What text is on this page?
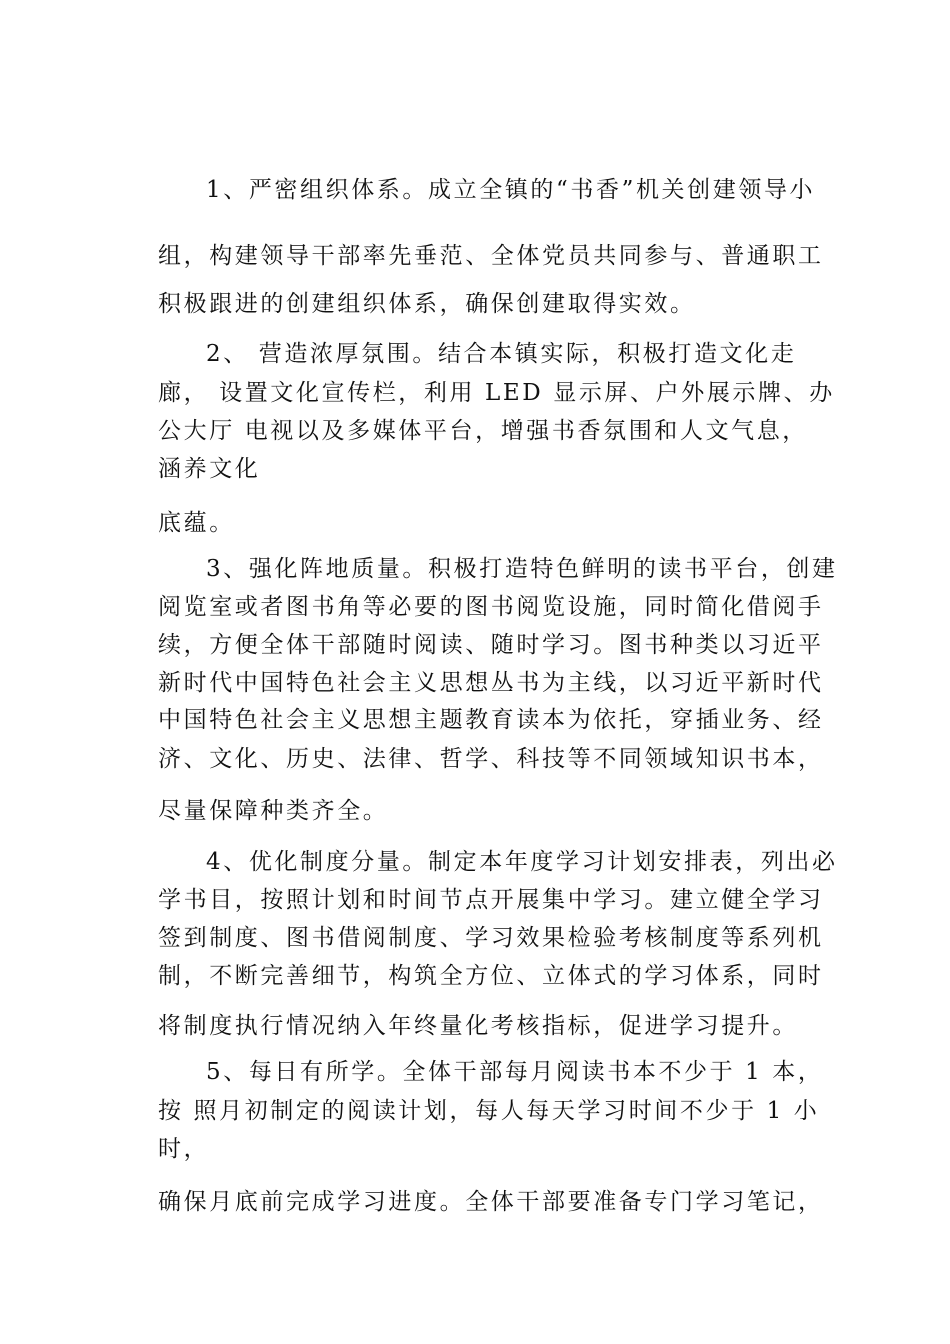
1、严密组织体系。成立全镇的“书香”机关创建领导小

组，构建领导干部率先垂范、全体党员共同参与、普通职工

积极跟进的创建组织体系，确保创建取得实效。

2、 营造浓厚氛围。结合本镇实际，积极打造文化走

廊， 设置文化宣传栏，利用 LED 显示屏、户外展示牌、办

公大厅 电视以及多媒体平台，增强书香氛围和人文气息，

涵养文化

底蕴。

3、强化阵地质量。积极打造特色鲜明的读书平台，创建

阅览室或者图书角等必要的图书阅览设施，同时简化借阅手

续，方便全体干部随时阅读、随时学习。图书种类以习近平

新时代中国特色社会主义思想丛书为主线，以习近平新时代

中国特色社会主义思想主题教育读本为依托，穿插业务、经

济、文化、历史、法律、哲学、科技等不同领域知识书本，

尽量保障种类齐全。

4、优化制度分量。制定本年度学习计划安排表，列出必

学书目，按照计划和时间节点开展集中学习。建立健全学习

签到制度、图书借阅制度、学习效果检验考核制度等系列机

制，不断完善细节，构筑全方位、立体式的学习体系，同时

将制度执行情况纳入年终量化考核指标，促进学习提升。

5、每日有所学。全体干部每月阅读书本不少于 1 本，

按 照月初制定的阅读计划，每人每天学习时间不少于 1 小

时，

确保月底前完成学习进度。全体干部要准备专门学习笔记，
